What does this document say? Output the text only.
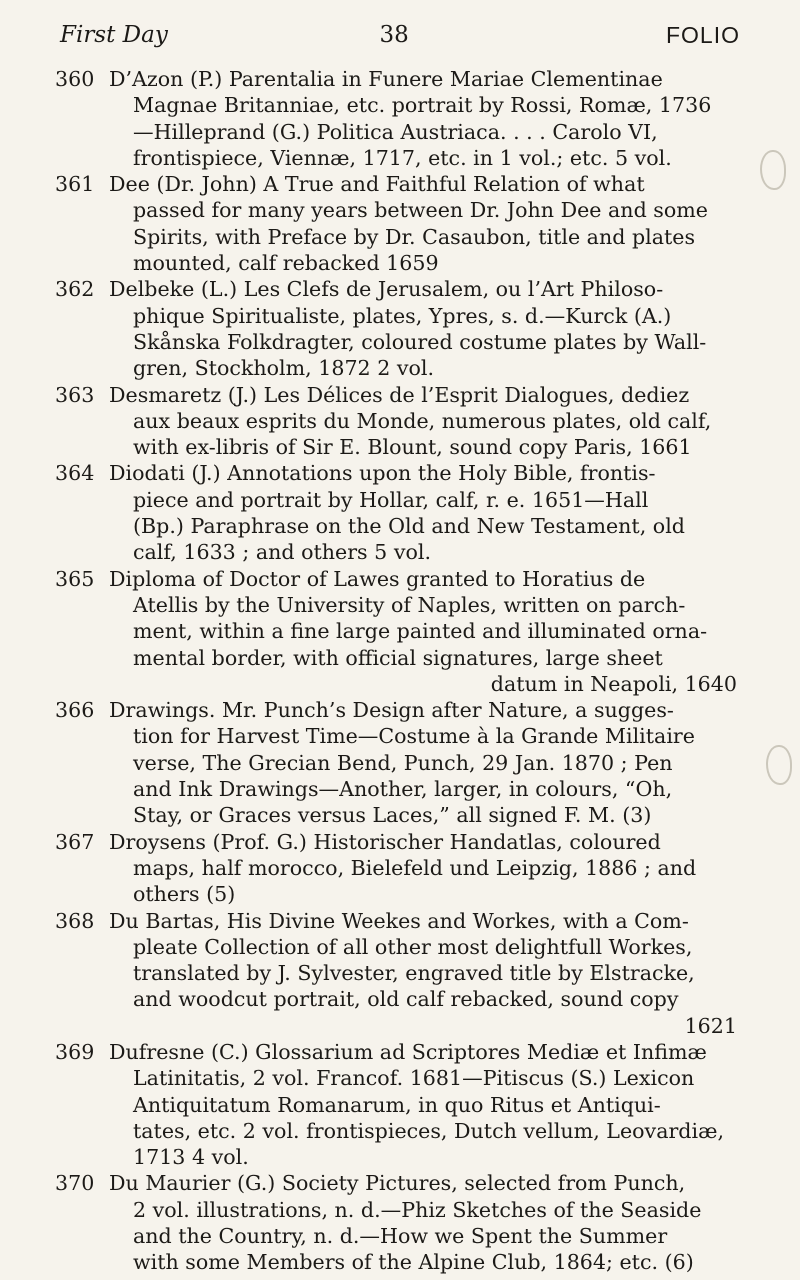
First Day	38	FOLIO
360 D’Azon (P.) Parentalia in Funere Mariae Clementinae
Magnae Britanniae, etc. portrait by Rossi, Romæ, 1736
—Hilleprand (G.) Politica Austriaca. . . . Carolo VI,
frontispiece, Viennæ, 1717, etc. in 1 vol.; etc. 5 vol.
361 Dee (Dr. John) A True and Faithful Relation of what
passed for many years between Dr. John Dee and some
Spirits, with Preface by Dr. Casaubon, title and plates
mounted, calf rebacked 1659
362 Delbeke (L.) Les Clefs de Jerusalem, ou l’Art Philoso-
phique Spiritualiste, plates, Ypres, s. d.—Kurck (A.)
Skånska Folkdragter, coloured costume plates by Wall-
gren, Stockholm, 1872 2 vol.
363 Desmaretz (J.) Les Délices de l’Esprit Dialogues, dediez
aux beaux esprits du Monde, numerous plates, old calf,
with ex-libris of Sir E. Blount, sound copy Paris, 1661
364 Diodati (J.) Annotations upon the Holy Bible, frontis-
piece and portrait by Hollar, calf, r. e. 1651—Hall
(Bp.) Paraphrase on the Old and New Testament, old
calf, 1633 ; and others 5 vol.
365 Diploma of Doctor of Lawes granted to Horatius de
Atellis by the University of Naples, written on parch-
ment, within a fine large painted and illuminated orna-
mental border, with official signatures, large sheet
datum in Neapoli, 1640
366 Drawings. Mr. Punch’s Design after Nature, a sugges-
tion for Harvest Time—Costume à la Grande Militaire
verse, The Grecian Bend, Punch, 29 Jan. 1870 ; Pen
and Ink Drawings—Another, larger, in colours, “Oh,
Stay, or Graces versus Laces,” all signed F. M. (3)
367 Droysens (Prof. G.) Historischer Handatlas, coloured
maps, half morocco, Bielefeld und Leipzig, 1886 ; and
others (5)
368 Du Bartas, His Divine Weekes and Workes, with a Com-
pleate Collection of all other most delightfull Workes,
translated by J. Sylvester, engraved title by Elstracke,
and woodcut portrait, old calf rebacked, sound copy
1621
369 Dufresne (C.) Glossarium ad Scriptores Mediæ et Infimæ
Latinitatis, 2 vol. Francof. 1681—Pitiscus (S.) Lexicon
Antiquitatum Romanarum, in quo Ritus et Antiqui-
tates, etc. 2 vol. frontispieces, Dutch vellum, Leovardiæ,
1713 4 vol.
370 Du Maurier (G.) Society Pictures, selected from Punch,
2 vol. illustrations, n. d.—Phiz Sketches of the Seaside
and the Country, n. d.—How we Spent the Summer
with some Members of the Alpine Club, 1864; etc. (6)
